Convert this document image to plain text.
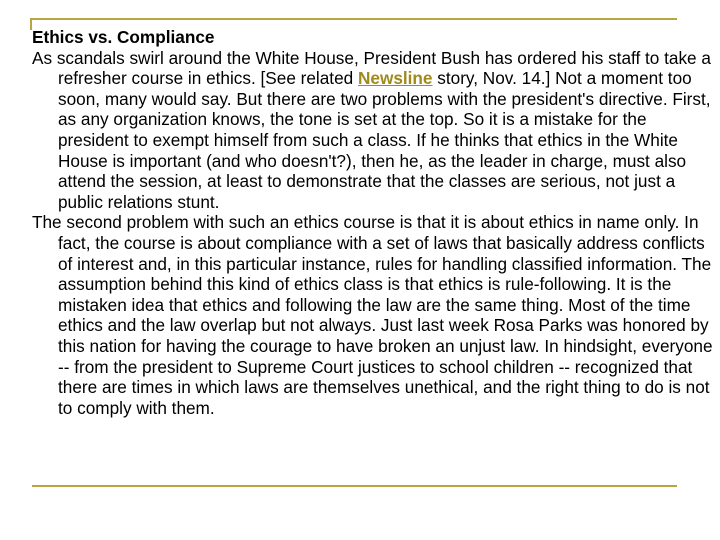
Ethics vs. Compliance

As scandals swirl around the White House, President Bush has ordered his staff to take a refresher course in ethics. [See related Newsline story, Nov. 14.] Not a moment too soon, many would say. But there are two problems with the president's directive. First, as any organization knows, the tone is set at the top. So it is a mistake for the president to exempt himself from such a class. If he thinks that ethics in the White House is important (and who doesn't?), then he, as the leader in charge, must also attend the session, at least to demonstrate that the classes are serious, not just a public relations stunt.

The second problem with such an ethics course is that it is about ethics in name only. In fact, the course is about compliance with a set of laws that basically address conflicts of interest and, in this particular instance, rules for handling classified information. The assumption behind this kind of ethics class is that ethics is rule-following. It is the mistaken idea that ethics and following the law are the same thing. Most of the time ethics and the law overlap but not always. Just last week Rosa Parks was honored by this nation for having the courage to have broken an unjust law. In hindsight, everyone -- from the president to Supreme Court justices to school children -- recognized that there are times in which laws are themselves unethical, and the right thing to do is not to comply with them.
